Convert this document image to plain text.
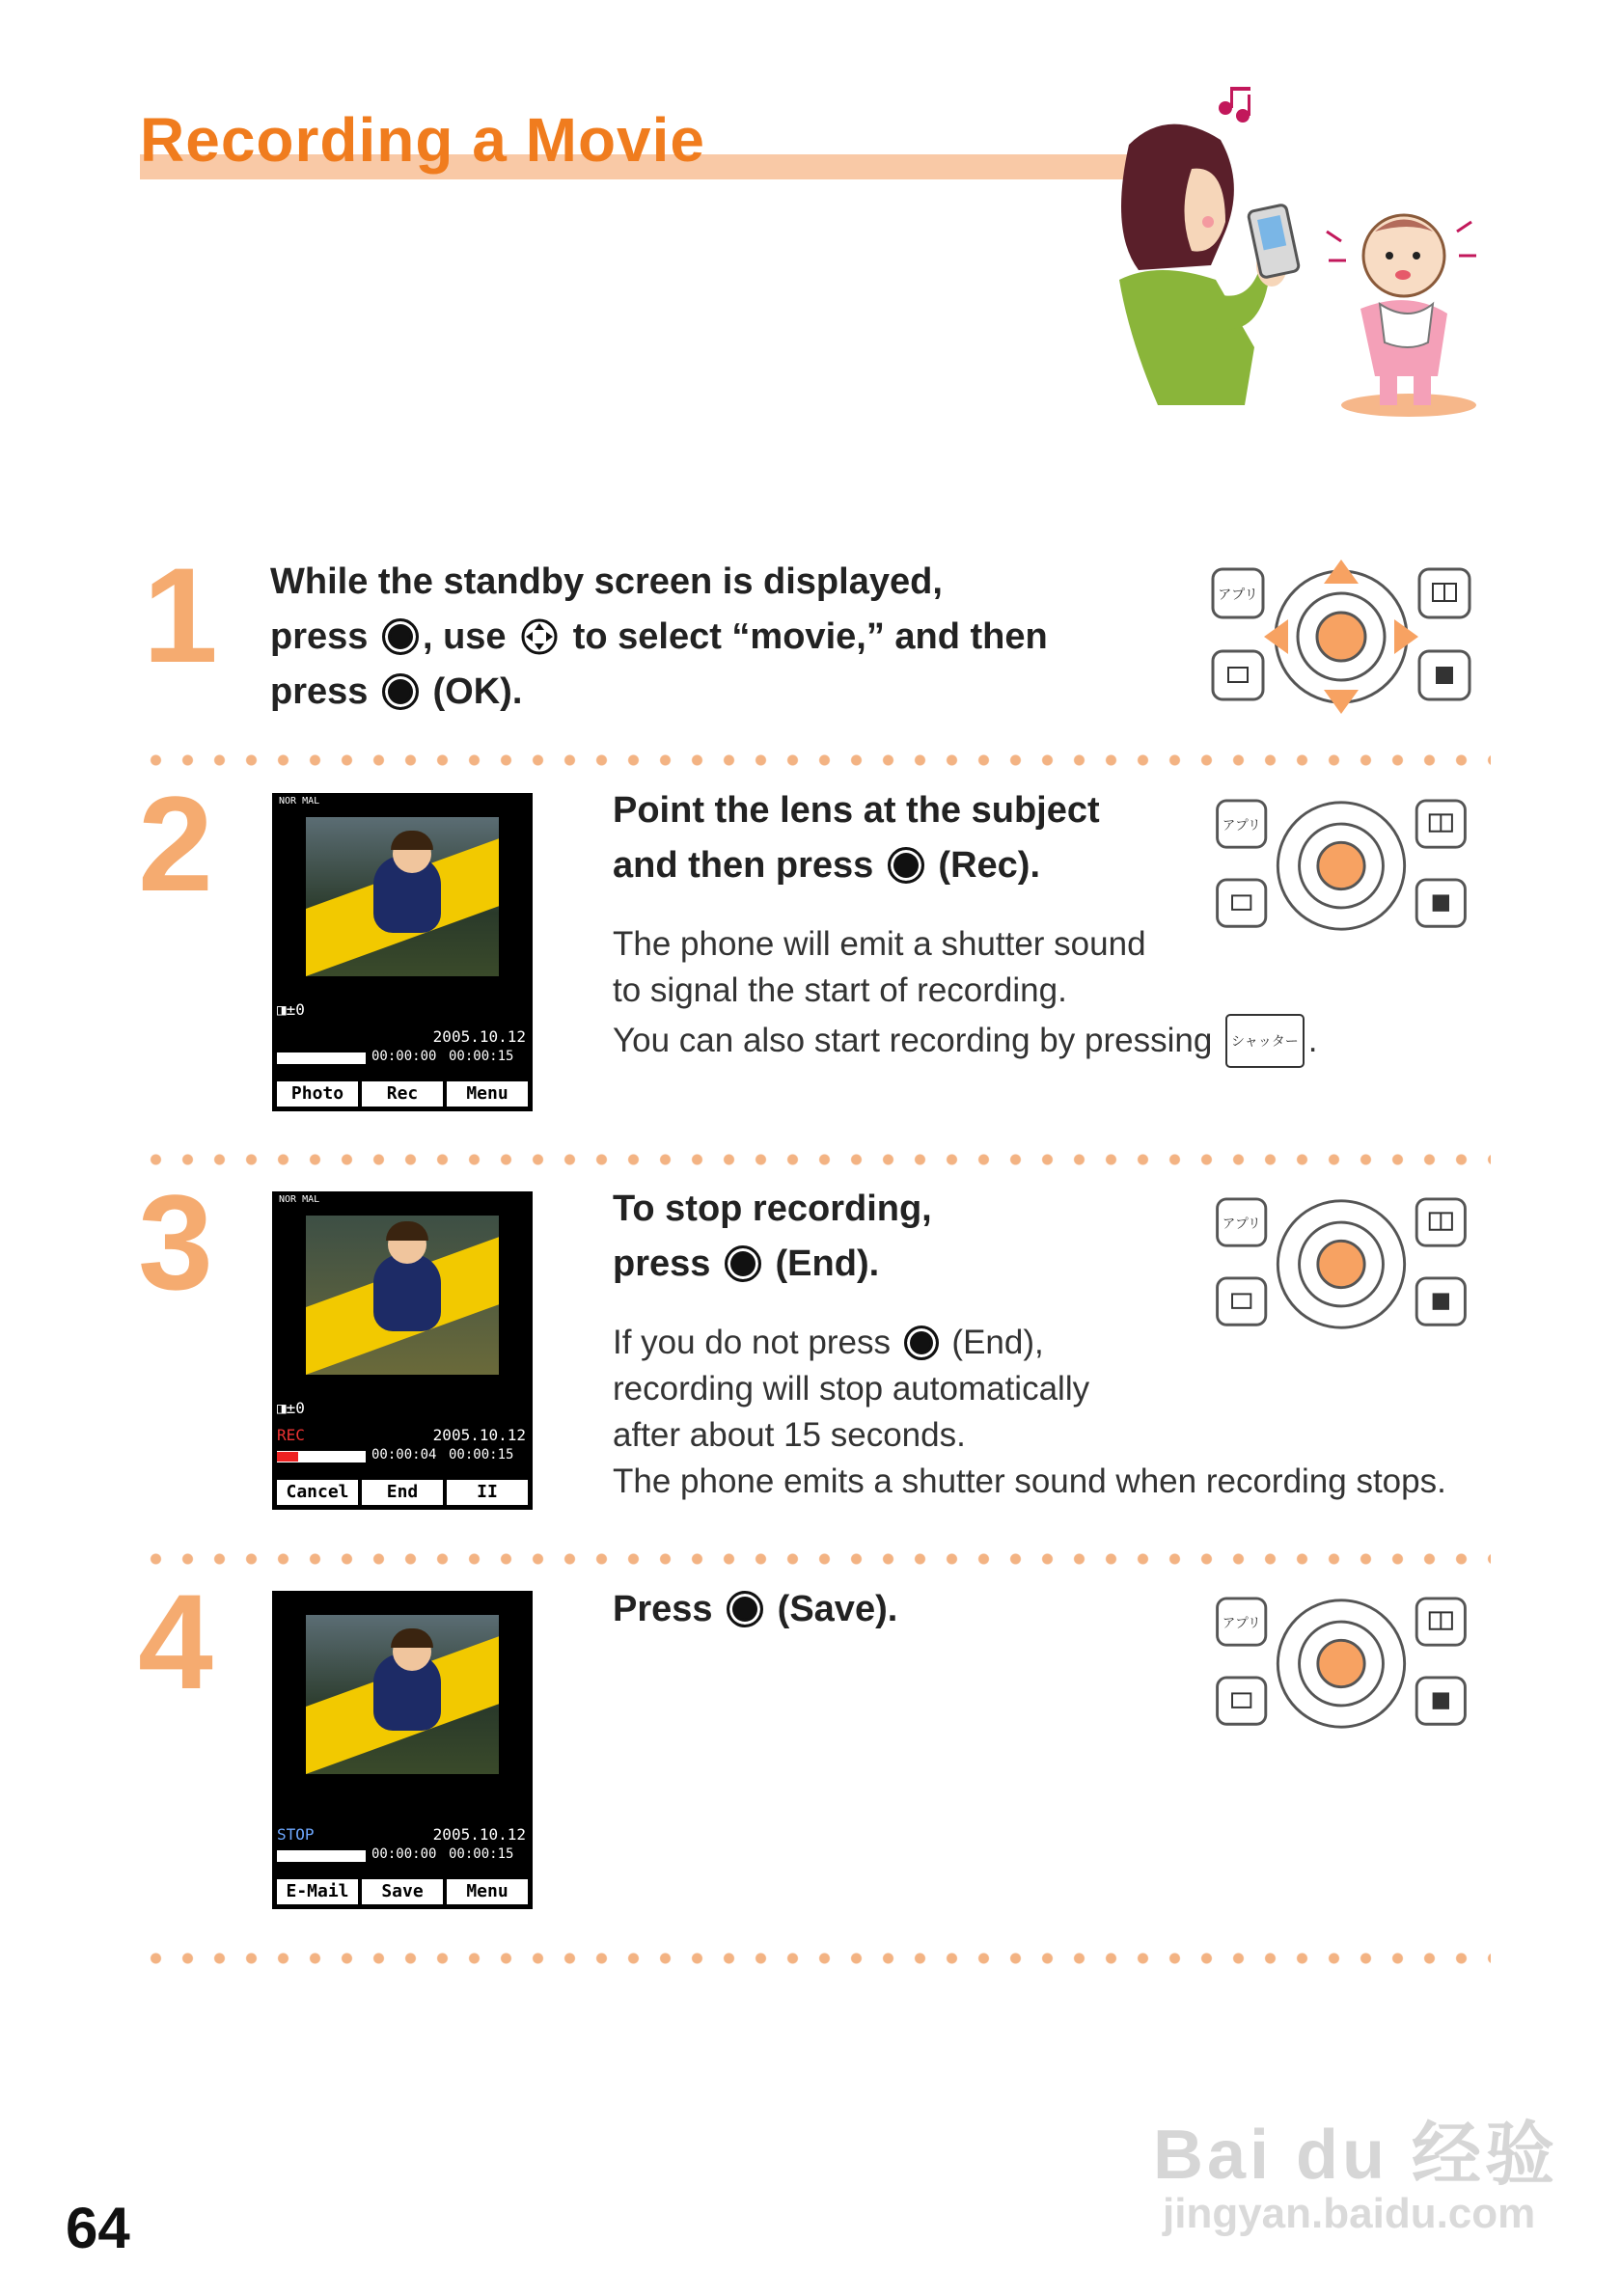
Recording a Movie
1 While the standby screen is displayed,
press , use to select “movie,” and then
press (OK).
アプリ
2	NOR MAL
◨±0
2005.10.12
00:00:00 00:00:15
Photo	Rec	Menu
Point the lens at the subject
and then press (Rec).
The phone will emit a shutter sound
to signal the start of recording.
You can also start recording by pressing シャッター .
アプリ
3	NOR MAL
◨±0
REC	2005.10.12
00:00:04 00:00:15
Cancel	End	II
To stop recording,
press (End).
If you do not press (End),
recording will stop automatically
after about 15 seconds.
The phone emits a shutter sound when recording stops.
アプリ
4
STOP	2005.10.12
00:00:00 00:00:15
E-Mail	Save	Menu
Press (Save).	アプリ
64
Bai du 经验
jingyan.baidu.com
